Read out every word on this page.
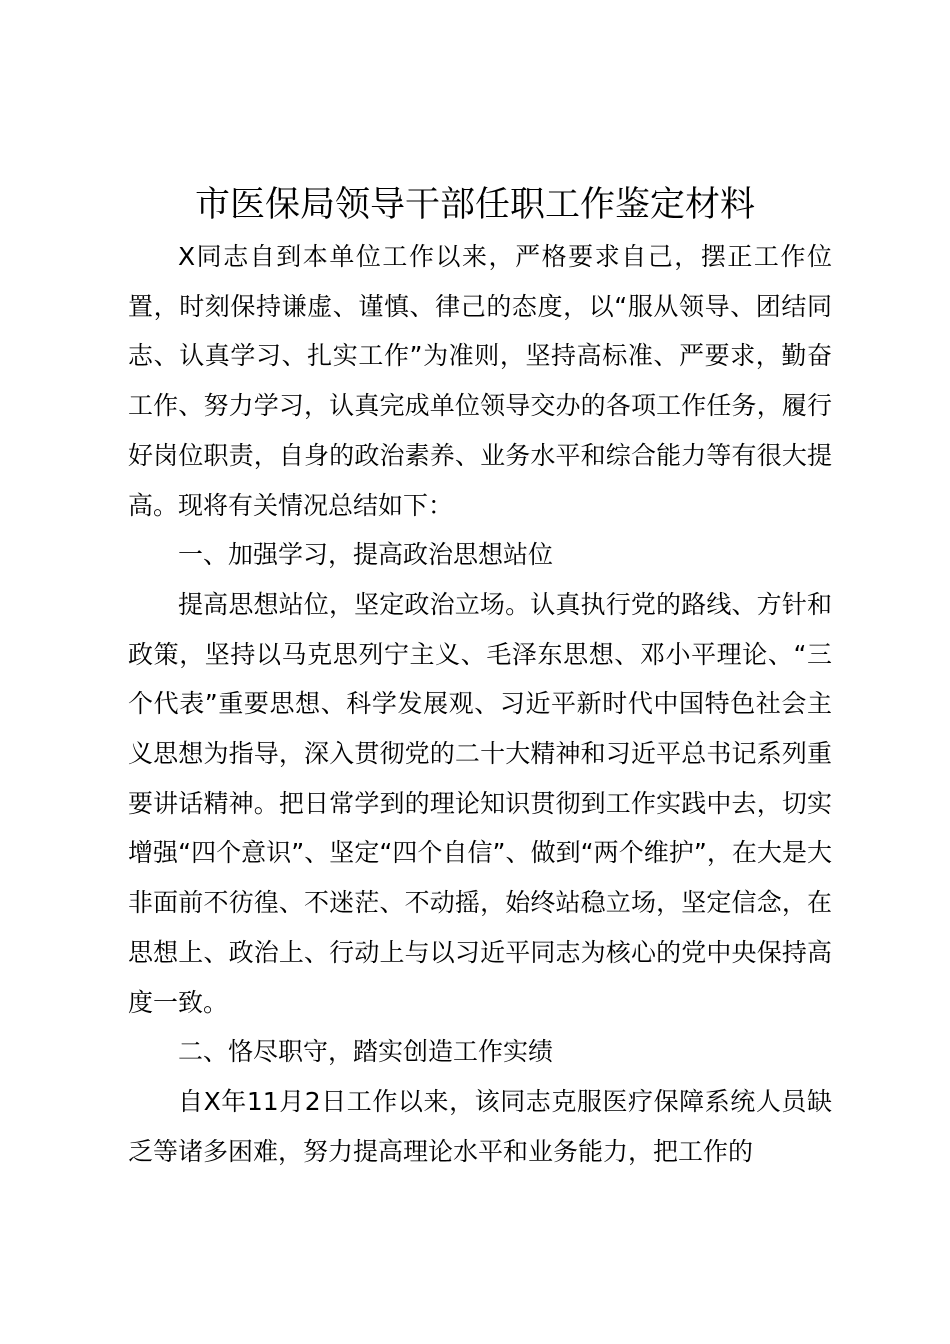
市医保局领导干部任职工作鉴定材料

X同志自到本单位工作以来，严格要求自己，摆正工作位置，时刻保持谦虚、谨慎、律己的态度，以“服从领导、团结同志、认真学习、扎实工作”为准则，坚持高标准、严要求，勤奋工作、努力学习，认真完成单位领导交办的各项工作任务，履行好岗位职责，自身的政治素养、业务水平和综合能力等有很大提高。现将有关情况总结如下：

一、加强学习，提高政治思想站位

提高思想站位，坚定政治立场。认真执行党的路线、方针和政策，坚持以马克思列宁主义、毛泽东思想、邓小平理论、“三个代表”重要思想、科学发展观、习近平新时代中国特色社会主义思想为指导，深入贯彻党的二十大精神和习近平总书记系列重要讲话精神。把日常学到的理论知识贯彻到工作实践中去，切实增强“四个意识”、坚定“四个自信”、做到“两个维护”，在大是大非面前不彷徨、不迷茫、不动摇，始终站稳立场，坚定信念，在思想上、政治上、行动上与以习近平同志为核心的党中央保持高度一致。

二、恪尽职守，踏实创造工作实绩

自X年11月2日工作以来，该同志克服医疗保障系统人员缺乏等诸多困难，努力提高理论水平和业务能力，把工作的
